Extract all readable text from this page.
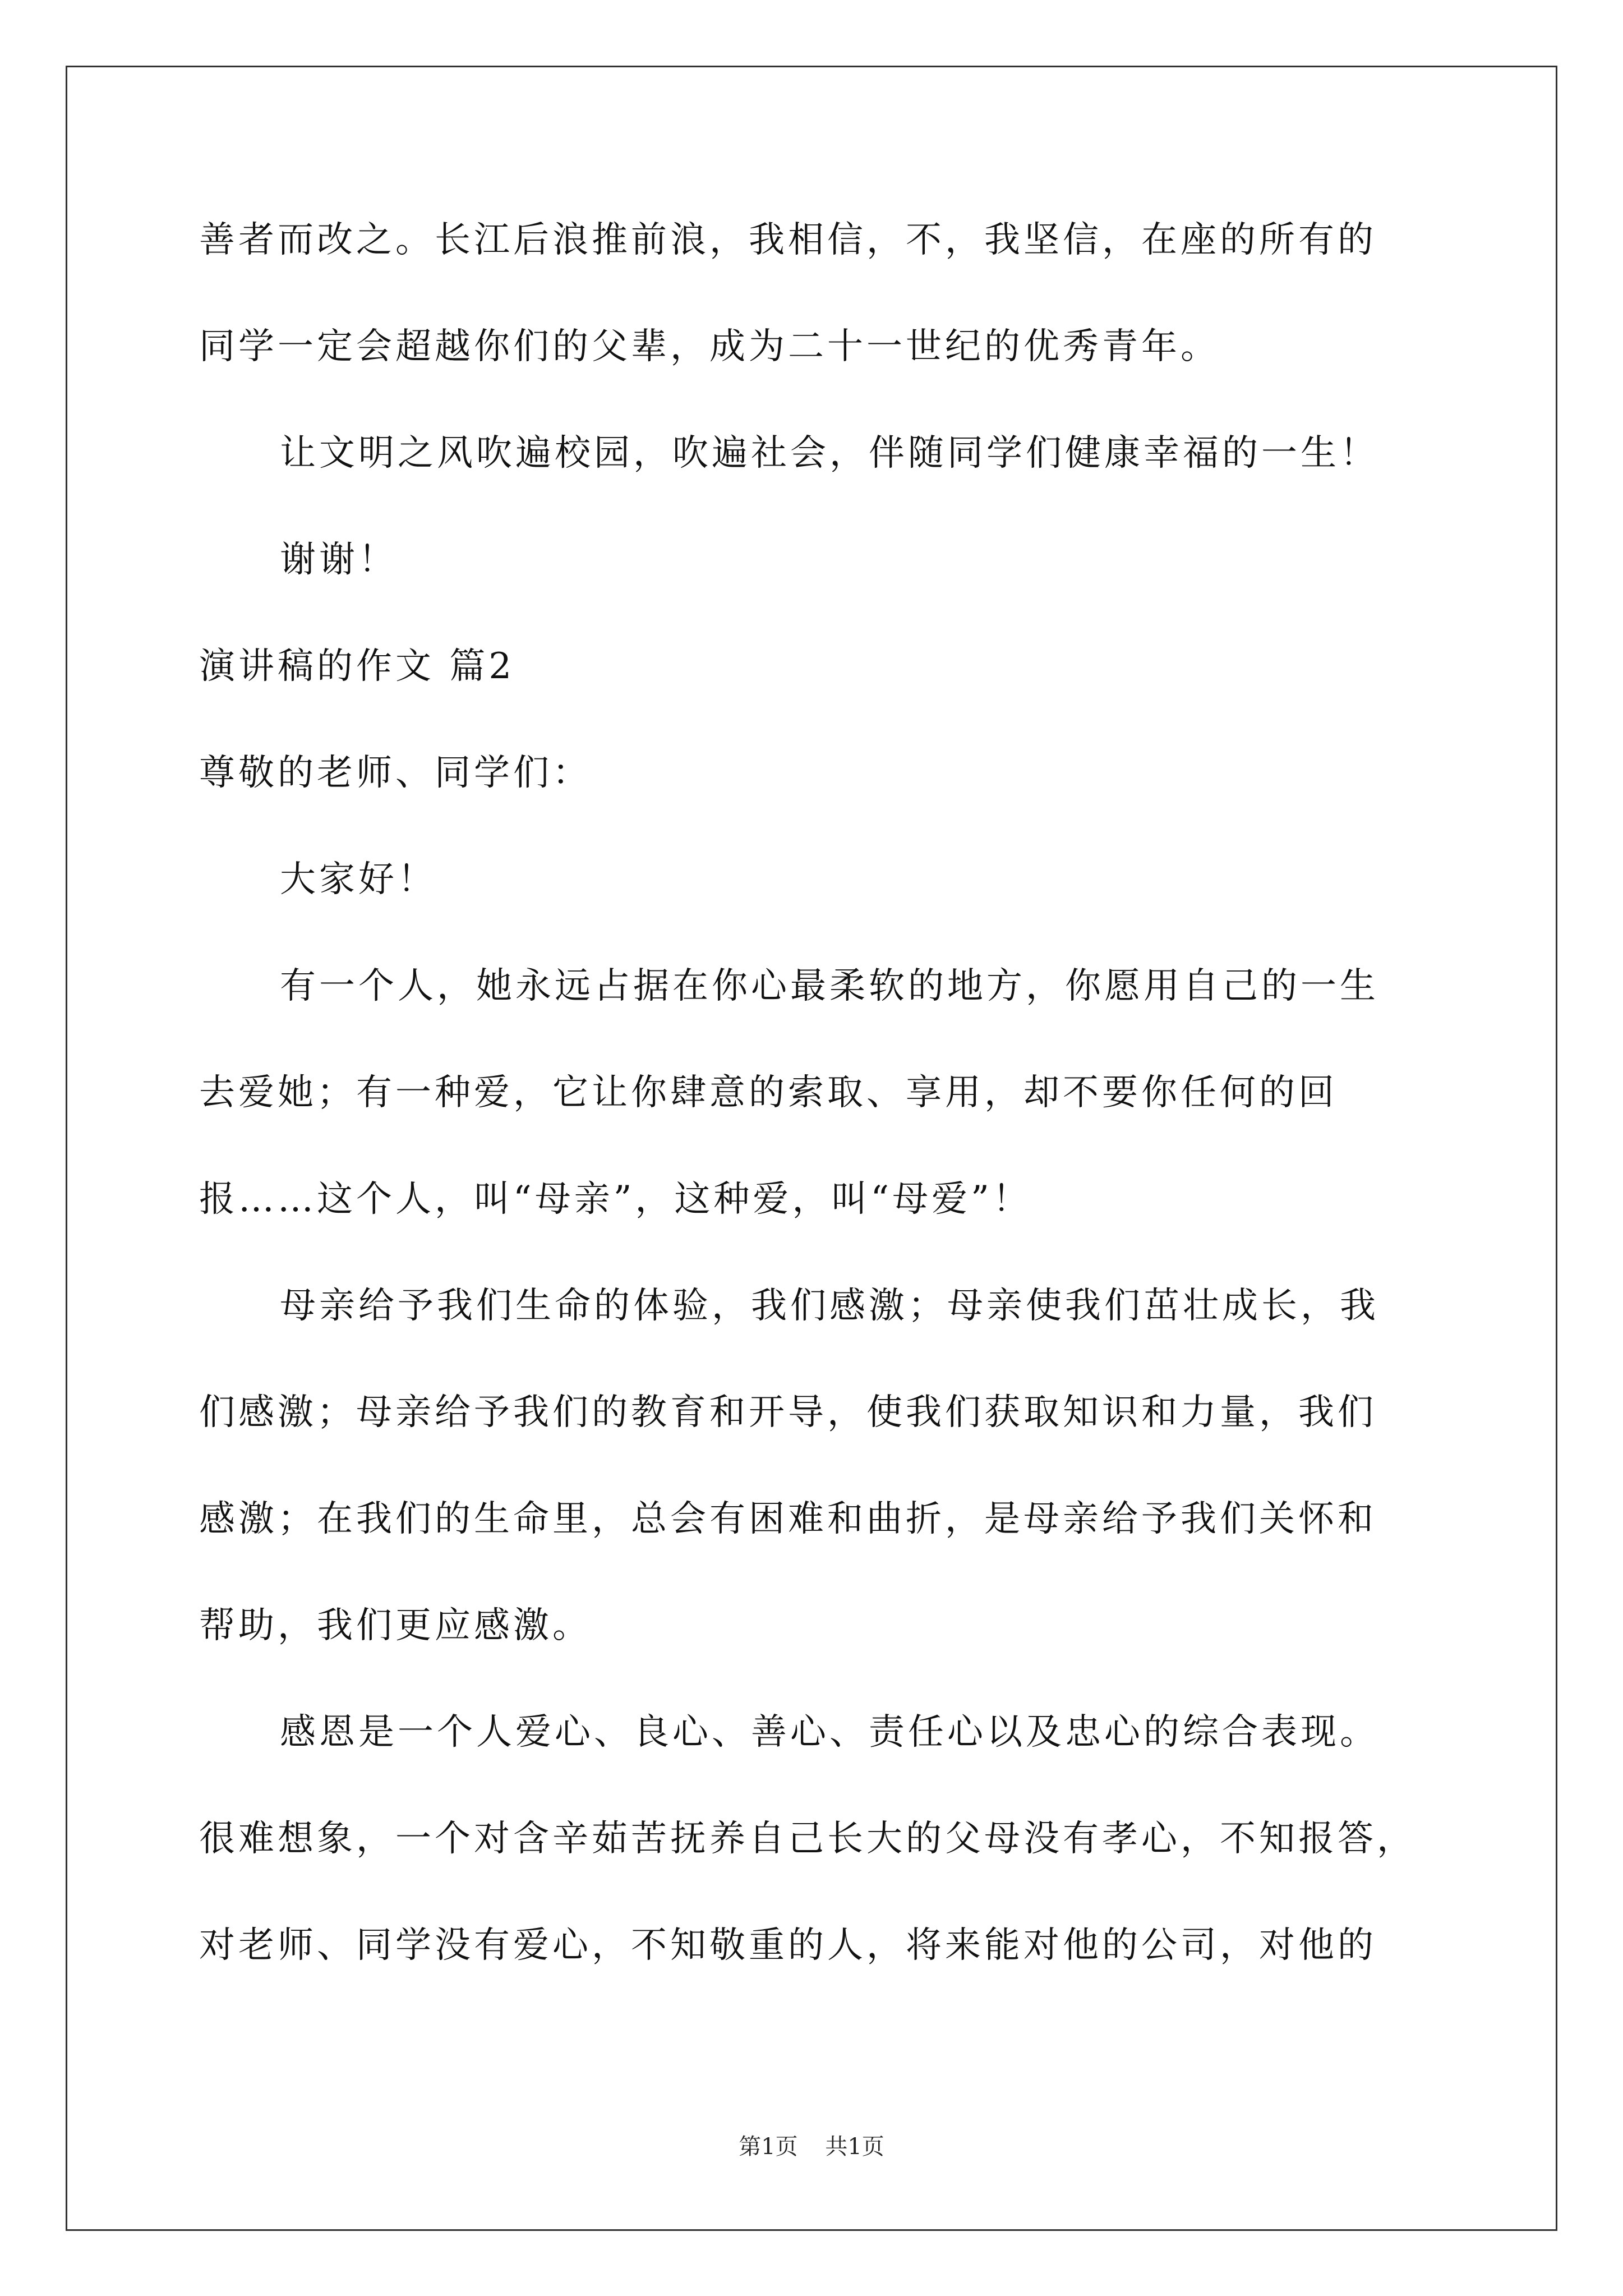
善者而改之。长江后浪推前浪，我相信，不，我坚信，在座的所有的
同学一定会超越你们的父辈，成为二十一世纪的优秀青年。
让文明之风吹遍校园，吹遍社会，伴随同学们健康幸福的一生！
谢谢！
演讲稿的作文 篇2
尊敬的老师、同学们：
大家好！
有一个人，她永远占据在你心最柔软的地方，你愿用自己的一生
去爱她；有一种爱，它让你肆意的索取、享用，却不要你任何的回
报……这个人，叫“母亲”，这种爱，叫“母爱”！
母亲给予我们生命的体验，我们感激；母亲使我们茁壮成长，我
们感激；母亲给予我们的教育和开导，使我们获取知识和力量，我们
感激；在我们的生命里，总会有困难和曲折，是母亲给予我们关怀和
帮助，我们更应感激。
感恩是一个人爱心、良心、善心、责任心以及忠心的综合表现。
很难想象，一个对含辛茹苦抚养自己长大的父母没有孝心，不知报答，
对老师、同学没有爱心，不知敬重的人，将来能对他的公司，对他的
第1页 共1页
